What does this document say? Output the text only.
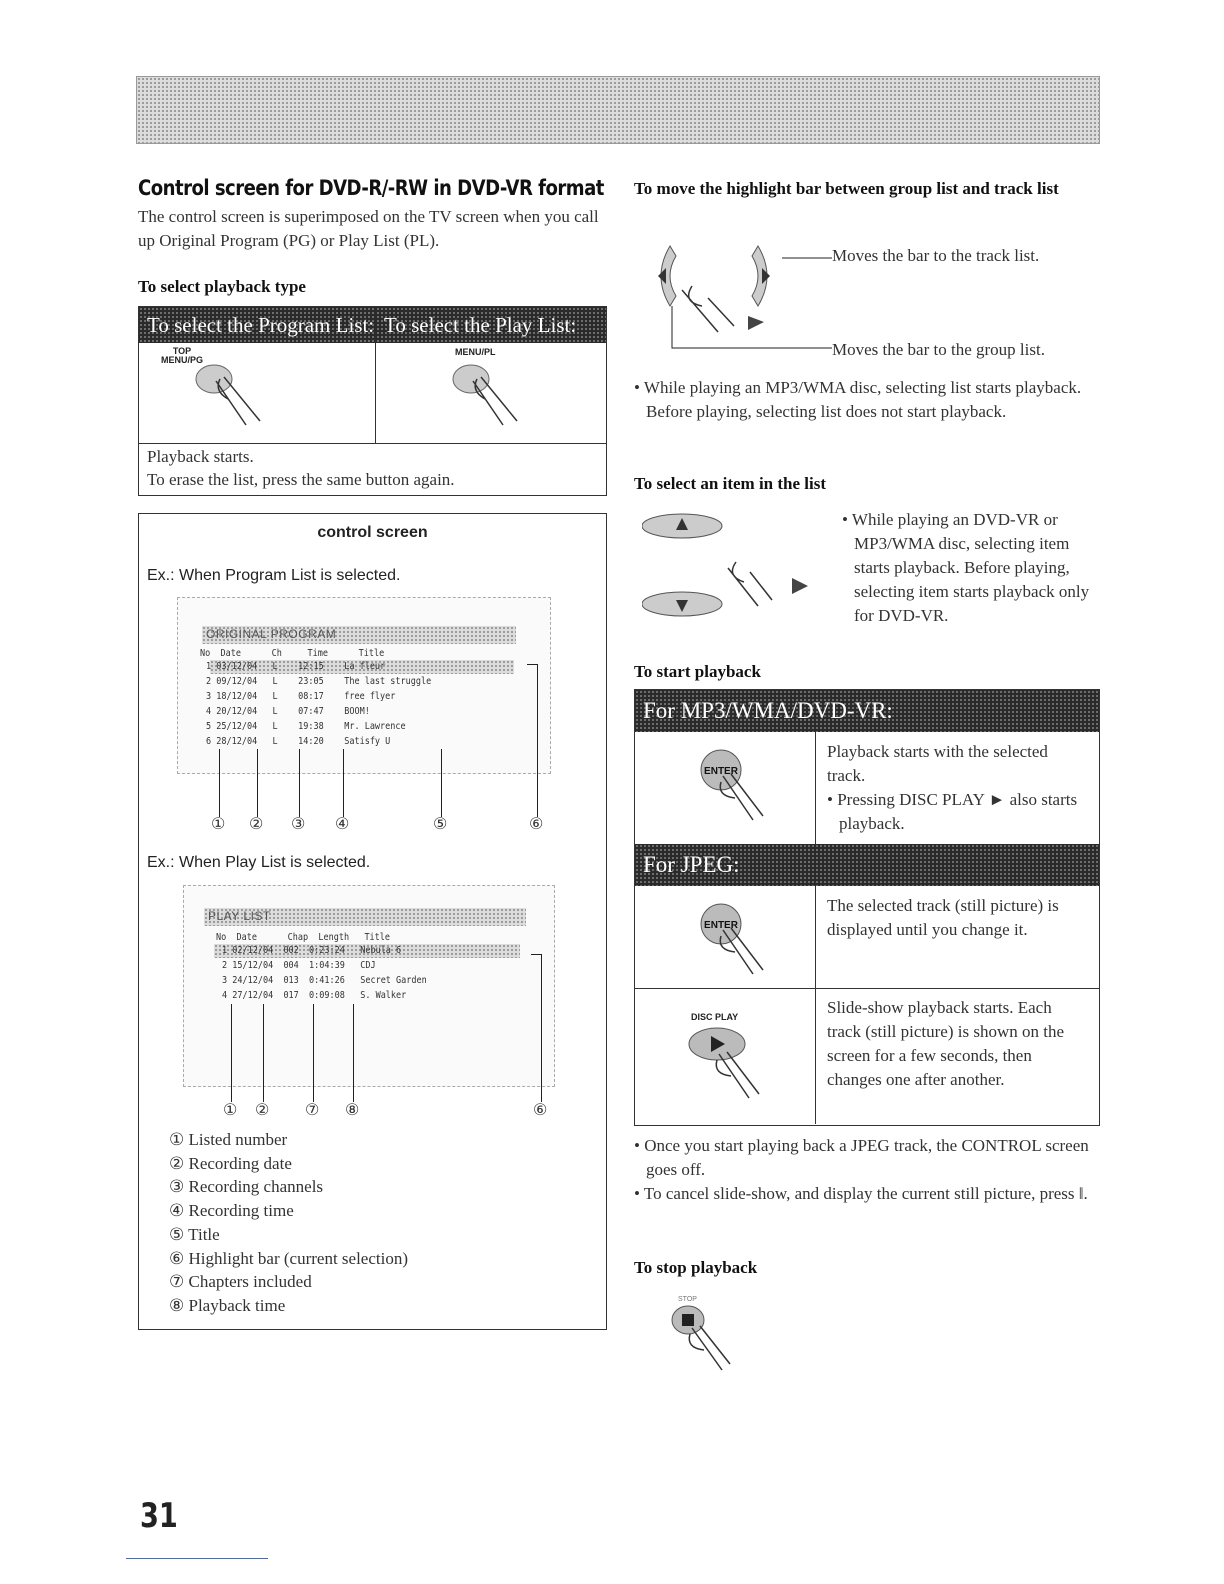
Control screen for DVD-R/-RW in DVD-VR format
The control screen is superimposed on the TV screen when you call up Original Program (PG) or Play List (PL).
To select playback type
To select the Program List: To select the Play List:
TOP
MENU/PG
MENU/PL
Playback starts.
To erase the list, press the same button again.
control screen
Ex.: When Program List is selected.
ORIGINAL PROGRAM
No Date	Ch	Time	Title
1 03/12/04 L 12:15 La fleur
2 09/12/04 L 23:05 The last struggle
3 18/12/04 L 08:17 free flyer
4 20/12/04 L 07:47 BOOM!
5 25/12/04 L 19:38 Mr. Lawrence
6 28/12/04 L 14:20 Satisfy U
① ② ③ ④	⑤	⑥
Ex.: When Play List is selected.
PLAY LIST
No Date	Chap Length Title
1 02/12/04 002 0:23:24 Nebula 6
2 15/12/04 004 1:04:39 CDJ
3 24/12/04 013 0:41:26 Secret Garden
4 27/12/04 017 0:09:08 S. Walker
① ② ⑦ ⑧	⑥
① Listed number
② Recording date
③ Recording channels
④ Recording time
⑤ Title
⑥ Highlight bar (current selection)
⑦ Chapters included
⑧ Playback time
To move the highlight bar between group list and track list
Moves the bar to the track list.
Moves the bar to the group list.
• While playing an MP3/WMA disc, selecting list starts playback. Before playing, selecting list does not start playback.
To select an item in the list
• While playing an DVD-VR or MP3/WMA disc, selecting item starts playback. Before playing, selecting item starts playback only for DVD-VR.
To start playback
For MP3/WMA/DVD-VR:
ENTER
Playback starts with the selected track.
• Pressing DISC PLAY ► also starts playback.
For JPEG:
ENTER
The selected track (still picture) is displayed until you change it.
DISC PLAY	Slide-show playback starts. Each track (still picture) is shown on the screen for a few seconds, then changes one after another.
• Once you start playing back a JPEG track, the CONTROL screen goes off.
• To cancel slide-show, and display the current still picture, press ‖.
To stop playback
STOP
31
